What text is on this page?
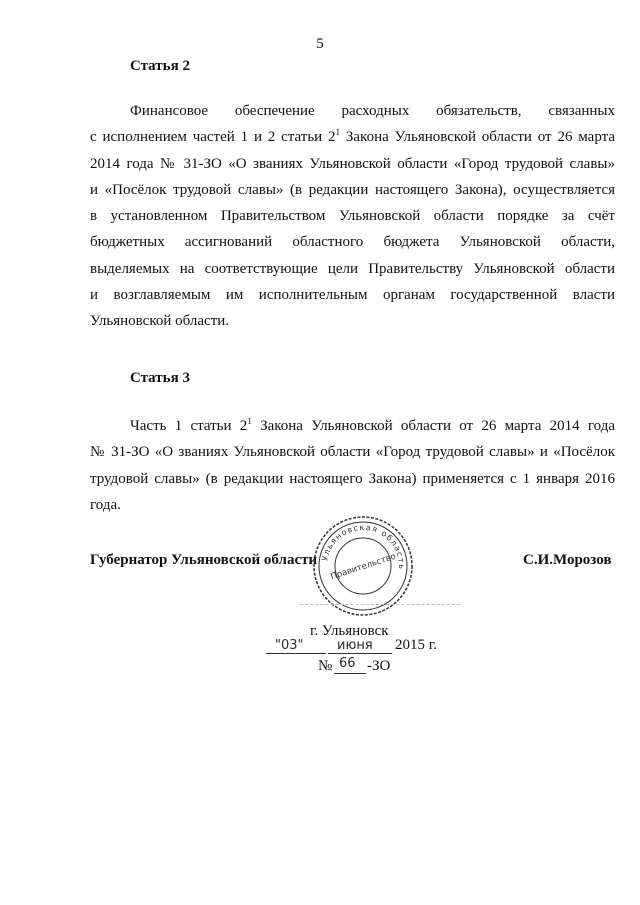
5
Статья 2
Финансовое обеспечение расходных обязательств, связанных
с исполнением частей 1 и 2 статьи $2^1$ Закона Ульяновской области от 26 марта
2014 года № 31-ЗО «О званиях Ульяновской области «Город трудовой славы»
и «Посёлок трудовой славы» (в редакции настоящего Закона), осуществляется
в установленном Правительством Ульяновской области порядке за счёт
бюджетных ассигнований областного бюджета Ульяновской области,
выделяемых на соответствующие цели Правительству Ульяновской области
и возглавляемым им исполнительным органам государственной власти
Ульяновской области.
Статья 3
Часть 1 статьи $2^1$ Закона Ульяновской области от 26 марта 2014 года
№ 31-ЗО «О званиях Ульяновской области «Город трудовой славы» и «Посёлок
трудовой славы» (в редакции настоящего Закона) применяется с 1 января 2016
года.
Губернатор Ульяновской области	С.И.Морозов
Ульяновская область
Правительство
г. Ульяновск
"03"	июня 2015 г.
№ 66 -ЗО
